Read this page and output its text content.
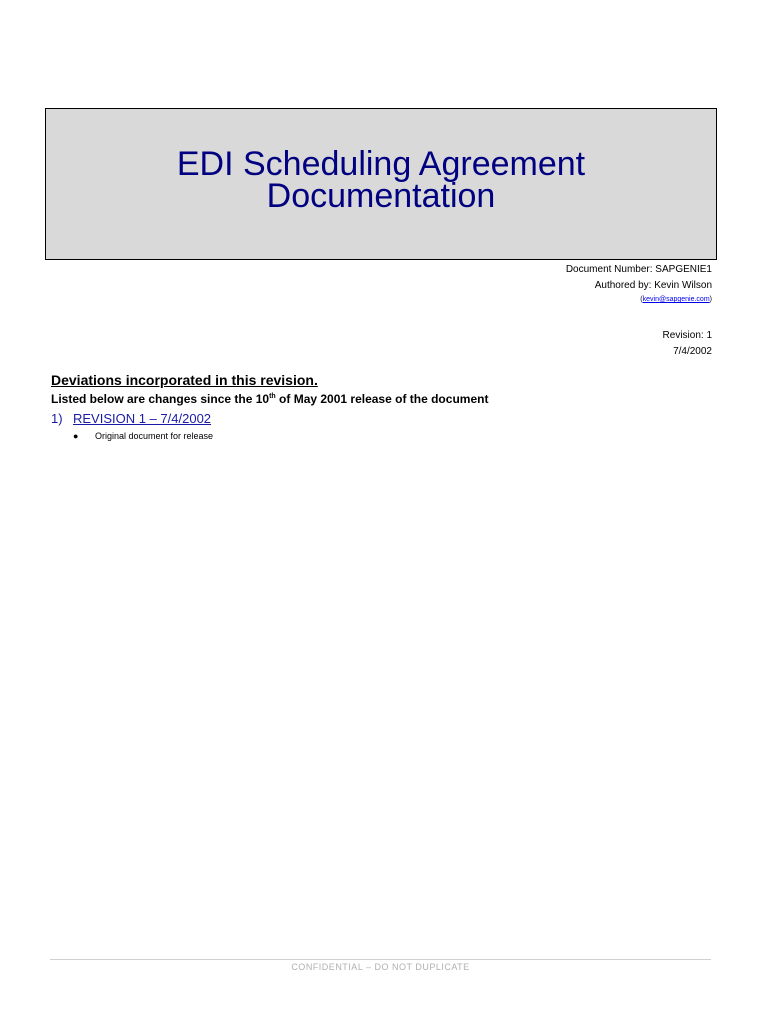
EDI Scheduling Agreement
Documentation
Document Number: SAPGENIE1
Authored by: Kevin Wilson
(kevin@sapgenie.com)
Revision: 1
7/4/2002
Deviations incorporated in this revision.
Listed below are changes since the 10th of May 2001 release of the document
1) REVISION 1 – 7/4/2002
● Original document for release
CONFIDENTIAL – DO NOT DUPLICATE
